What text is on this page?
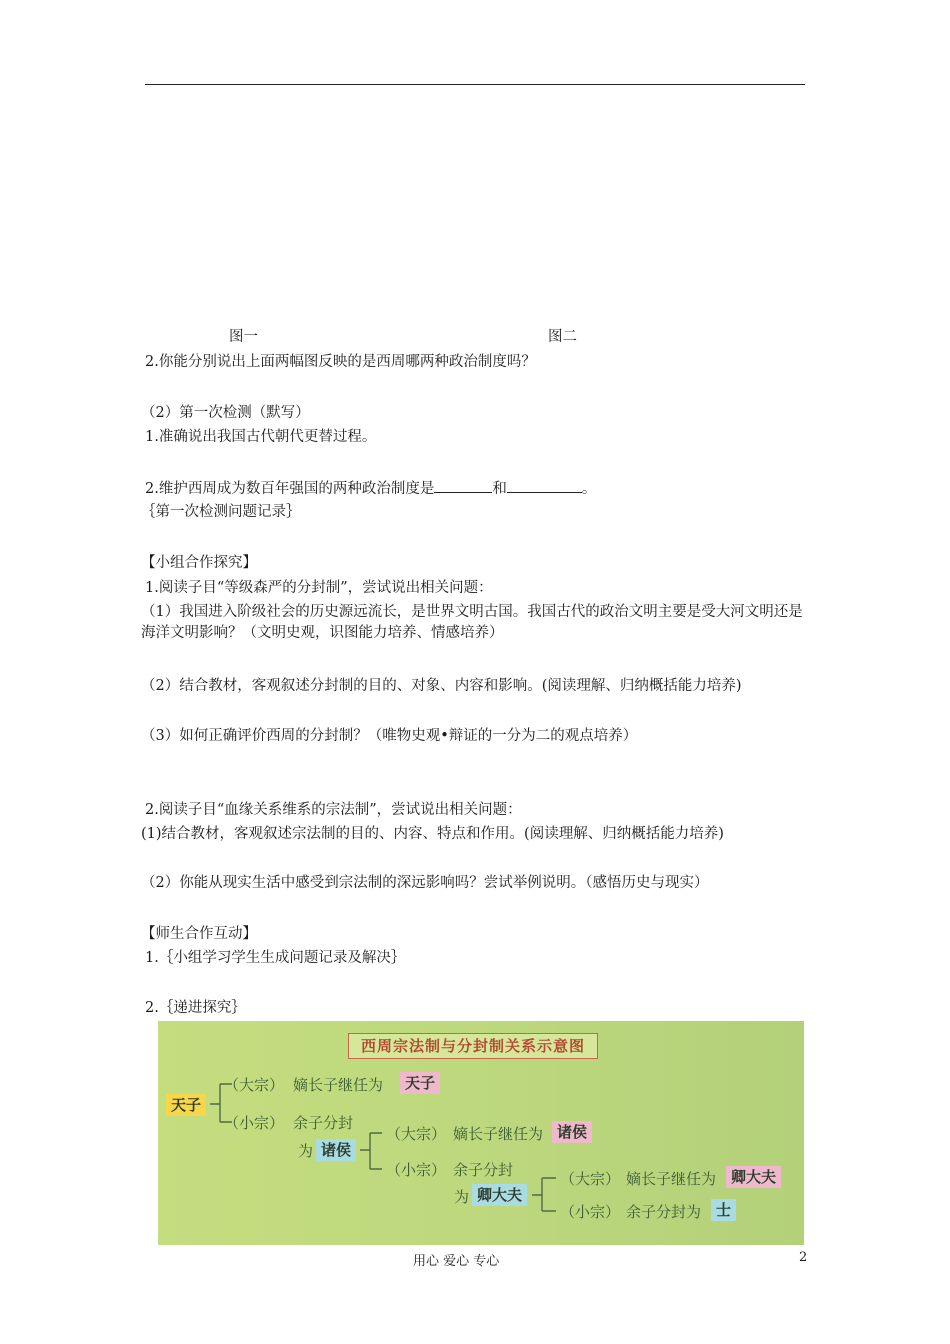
图一	图二
2.你能分别说出上面两幅图反映的是西周哪两种政治制度吗？
（2）第一次检测（默写）
1.准确说出我国古代朝代更替过程。
2.维护西周成为数百年强国的两种政治制度是	和	。
｛第一次检测问题记录｝
【小组合作探究】
1.阅读子目“等级森严的分封制”，尝试说出相关问题：
（1）我国进入阶级社会的历史源远流长，是世界文明古国。我国古代的政治文明主要是受大河文明还是海洋文明影响？（文明史观，识图能力培养、情感培养）
（2）结合教材，客观叙述分封制的目的、对象、内容和影响。(阅读理解、归纳概括能力培养)
（3）如何正确评价西周的分封制？（唯物史观•辩证的一分为二的观点培养）
2.阅读子目“血缘关系维系的宗法制”，尝试说出相关问题：
(1)结合教材，客观叙述宗法制的目的、内容、特点和作用。(阅读理解、归纳概括能力培养)
（2）你能从现实生活中感受到宗法制的深远影响吗？尝试举例说明。（感悟历史与现实）
【师生合作互动】
1.｛小组学习学生生成问题记录及解决｝
2.｛递进探究｝
西周宗法制与分封制关系示意图
天子
（大宗） 嫡长子继任为	天子
（小宗） 余子分封
为 诸侯
（大宗） 嫡长子继任为 诸侯
（小宗） 余子分封
为 卿大夫
（大宗） 嫡长子继任为 卿大夫
（小宗） 余子分封为 士
用心 爱心 专心	2
